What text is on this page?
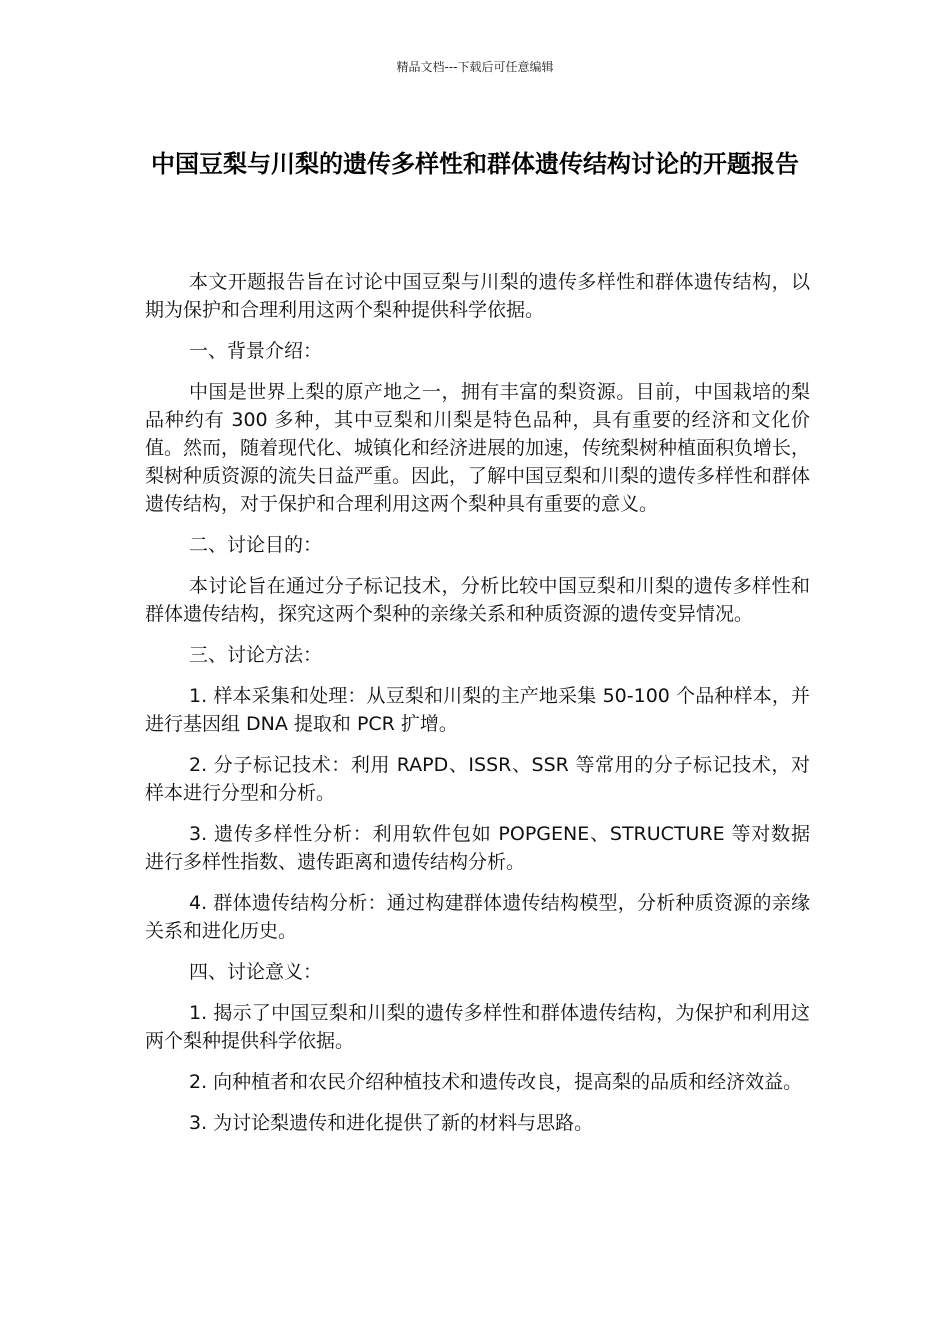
精品文档---下载后可任意编辑
中国豆梨与川梨的遗传多样性和群体遗传结构讨论的开题报告

本文开题报告旨在讨论中国豆梨与川梨的遗传多样性和群体遗传结构，以期为保护和合理利用这两个梨种提供科学依据。

一、背景介绍：

中国是世界上梨的原产地之一，拥有丰富的梨资源。目前，中国栽培的梨品种约有 300 多种，其中豆梨和川梨是特色品种，具有重要的经济和文化价值。然而，随着现代化、城镇化和经济进展的加速，传统梨树种植面积负增长，梨树种质资源的流失日益严重。因此，了解中国豆梨和川梨的遗传多样性和群体遗传结构，对于保护和合理利用这两个梨种具有重要的意义。

二、讨论目的：

本讨论旨在通过分子标记技术，分析比较中国豆梨和川梨的遗传多样性和群体遗传结构，探究这两个梨种的亲缘关系和种质资源的遗传变异情况。

三、讨论方法：

1. 样本采集和处理：从豆梨和川梨的主产地采集 50-100 个品种样本，并进行基因组 DNA 提取和 PCR 扩增。

2. 分子标记技术：利用 RAPD、ISSR、SSR 等常用的分子标记技术，对样本进行分型和分析。

3. 遗传多样性分析：利用软件包如 POPGENE、STRUCTURE 等对数据进行多样性指数、遗传距离和遗传结构分析。

4. 群体遗传结构分析：通过构建群体遗传结构模型，分析种质资源的亲缘关系和进化历史。

四、讨论意义：

1. 揭示了中国豆梨和川梨的遗传多样性和群体遗传结构，为保护和利用这两个梨种提供科学依据。

2. 向种植者和农民介绍种植技术和遗传改良，提高梨的品质和经济效益。

3. 为讨论梨遗传和进化提供了新的材料与思路。
